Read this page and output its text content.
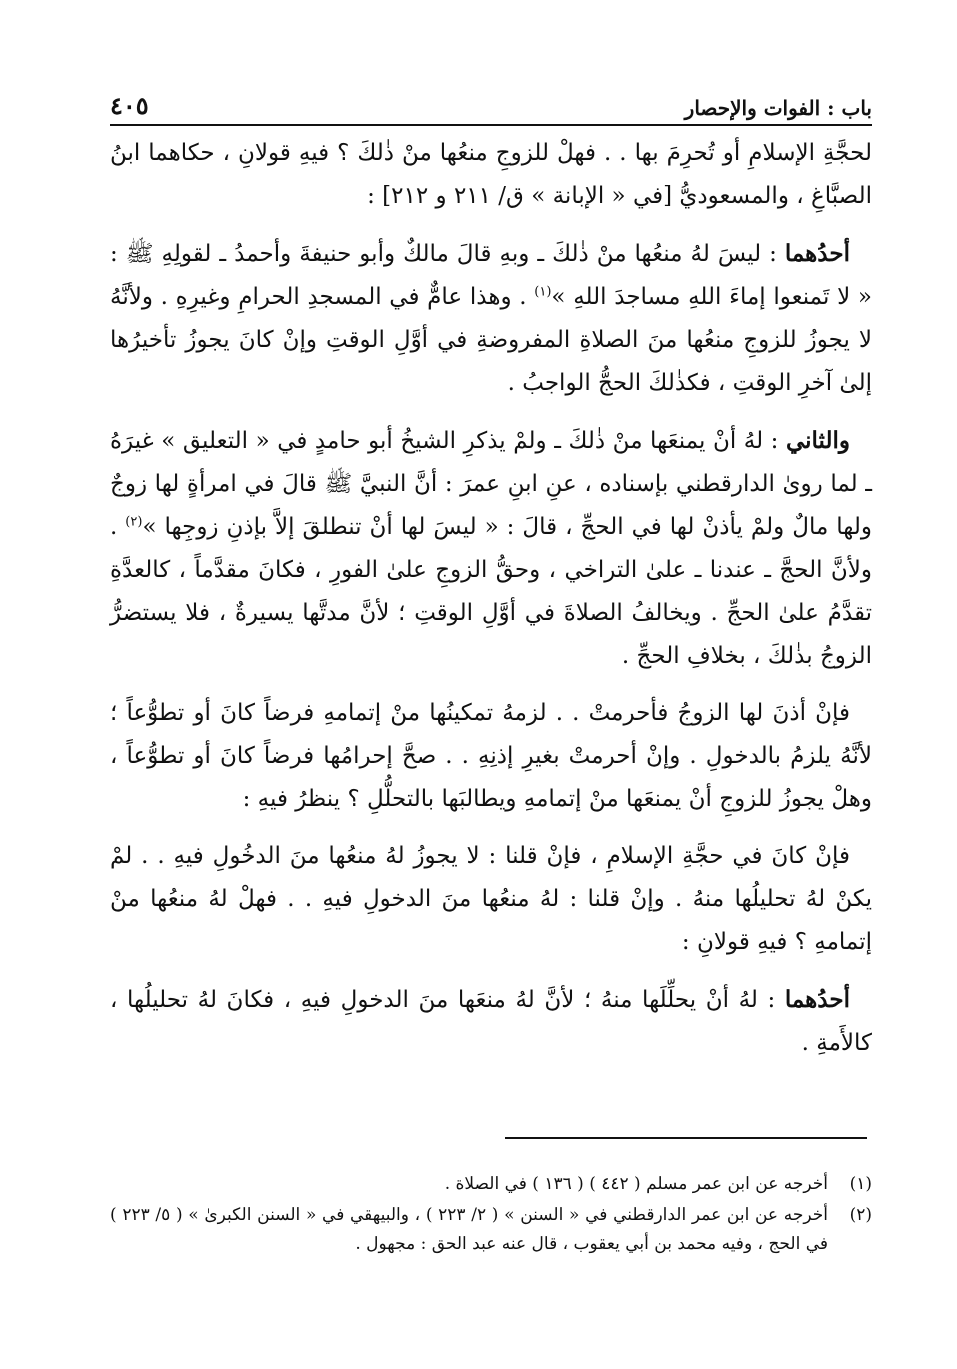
باب : الفوات والإحصار
٤٠٥

لحجَّةِ الإسلامِ أو تُحرِمَ بها . . فهلْ للزوجِ منعُها منْ ذٰلكَ ؟ فيهِ قولانِ ، حكاهما ابنُ الصبَّاغِ ، والمسعوديُّ [في « الإبانة » ق/ ٢١١ و ٢١٢] :

أحدُهما : ليسَ لهُ منعُها منْ ذٰلكَ ـ وبهِ قالَ مالكٌ وأبو حنيفةَ وأحمدُ ـ لقولِهِ ﷺ : « لا تَمنعوا إماءَ اللهِ مساجدَ اللهِ »$^{(١)}$ . وهذا عامٌّ في المسجدِ الحرامِ وغيرِهِ . ولأنَّهُ لا يجوزُ للزوجِ منعُها منَ الصلاةِ المفروضةِ في أوَّلِ الوقتِ وإنْ كانَ يجوزُ تأخيرُها إلىٰ آخرِ الوقتِ ، فكذٰلكَ الحجُّ الواجبُ .

والثاني : لهُ أنْ يمنعَها منْ ذٰلكَ ـ ولمْ يذكرِ الشيخُ أبو حامدٍ في « التعليق » غيرَهُ ـ لما روىٰ الدارقطني بإسناده ، عنِ ابنِ عمرَ : أنَّ النبيَّ ﷺ قالَ في امرأةٍ لها زوجٌ ولها مالٌ ولمْ يأذنْ لها في الحجِّ ، قالَ : « ليسَ لها أنْ تنطلقَ إلاَّ بإذنِ زوجِها »$^{(٢)}$ . ولأنَّ الحجَّ ـ عندنا ـ علىٰ التراخي ، وحقُّ الزوجِ علىٰ الفورِ ، فكانَ مقدَّماً ، كالعدَّةِ تقدَّمُ علىٰ الحجِّ . ويخالفُ الصلاةَ في أوَّلِ الوقتِ ؛ لأنَّ مدتَّها يسيرةٌ ، فلا يستضرُّ الزوجُ بذٰلكَ ، بخلافِ الحجِّ .

فإنْ أذنَ لها الزوجُ فأحرمتْ . . لزمهُ تمكينُها منْ إتمامهِ فرضاً كانَ أو تطوُّعاً ؛ لأنَّهُ يلزمُ بالدخولِ . وإنْ أحرمتْ بغيرِ إذنِهِ . . صحَّ إحرامُها فرضاً كانَ أو تطوُّعاً ، وهلْ يجوزُ للزوجِ أنْ يمنعَها منْ إتمامهِ ويطالبَها بالتحلُّلِ ؟ ينظرُ فيهِ :

فإنْ كانَ في حجَّةِ الإسلامِ ، فإنْ قلنا : لا يجوزُ لهُ منعُها منَ الدخُولِ فيهِ . . لمْ يكنْ لهُ تحليلُها منهُ . وإنْ قلنا : لهُ منعُها منَ الدخولِ فيهِ . . فهلْ لهُ منعُها منْ إتمامهِ ؟ فيهِ قولانِ :

أحدُهما : لهُ أنْ يحلِّلَها منهُ ؛ لأنَّ لهُ منعَها منَ الدخولِ فيهِ ، فكانَ لهُ تحليلُها ، كالأَمةِ .

(١)
أخرجه عن ابن عمر مسلم ( ٤٤٢ ) ( ١٣٦ ) في الصلاة .
(٢)
أخرجه عن ابن عمر الدارقطني في « السنن » ( ٢/ ٢٢٣ ) ، والبيهقي في « السنن الكبرىٰ » ( ٥/ ٢٢٣ ) في الحج ، وفيه محمد بن أبي يعقوب ، قال عنه عبد الحق : مجهول .
